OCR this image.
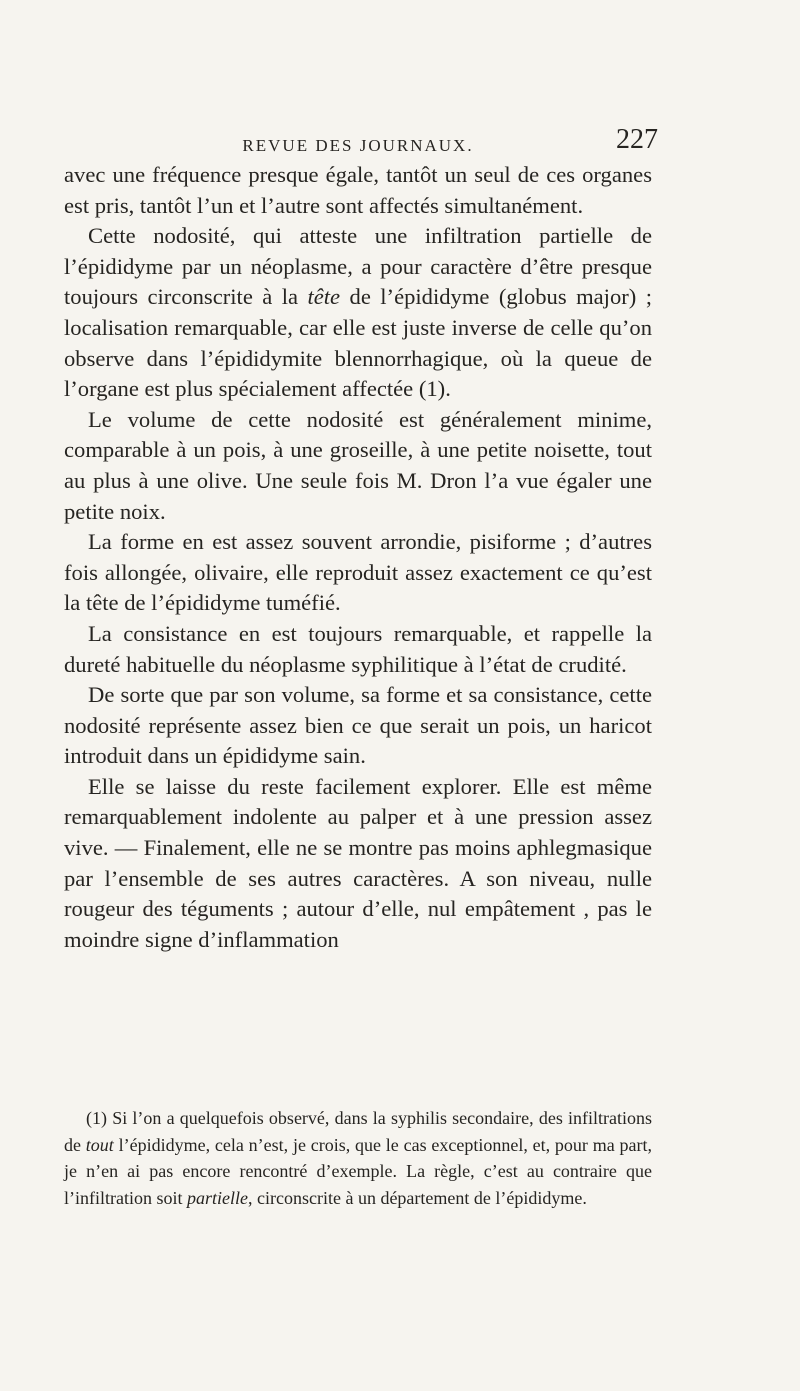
REVUE DES JOURNAUX.	227

avec une fréquence presque égale, tantôt un seul de ces organes est pris, tantôt l’un et l’autre sont affectés simultanément.

Cette nodosité, qui atteste une infiltration partielle de l’épididyme par un néoplasme, a pour caractère d’être presque toujours circonscrite à la tête de l’épididyme (globus major) ; localisation remarquable, car elle est juste inverse de celle qu’on observe dans l’épididymite blennorrhagique, où la queue de l’organe est plus spécialement affectée (1).

Le volume de cette nodosité est généralement minime, comparable à un pois, à une groseille, à une petite noisette, tout au plus à une olive. Une seule fois M. Dron l’a vue égaler une petite noix.

La forme en est assez souvent arrondie, pisiforme ; d’autres fois allongée, olivaire, elle reproduit assez exactement ce qu’est la tête de l’épididyme tuméfié.

La consistance en est toujours remarquable, et rappelle la dureté habituelle du néoplasme syphilitique à l’état de crudité.

De sorte que par son volume, sa forme et sa consistance, cette nodosité représente assez bien ce que serait un pois, un haricot introduit dans un épididyme sain.

Elle se laisse du reste facilement explorer. Elle est même remarquablement indolente au palper et à une pression assez vive. — Finalement, elle ne se montre pas moins aphlegmasique par l’ensemble de ses autres caractères. A son niveau, nulle rougeur des téguments ; autour d’elle, nul empâtement , pas le moindre signe d’inflammation

(1) Si l’on a quelquefois observé, dans la syphilis secondaire, des infiltrations de tout l’épididyme, cela n’est, je crois, que le cas exceptionnel, et, pour ma part, je n’en ai pas encore rencontré d’exemple. La règle, c’est au contraire que l’infiltration soit partielle, circonscrite à un département de l’épididyme.
